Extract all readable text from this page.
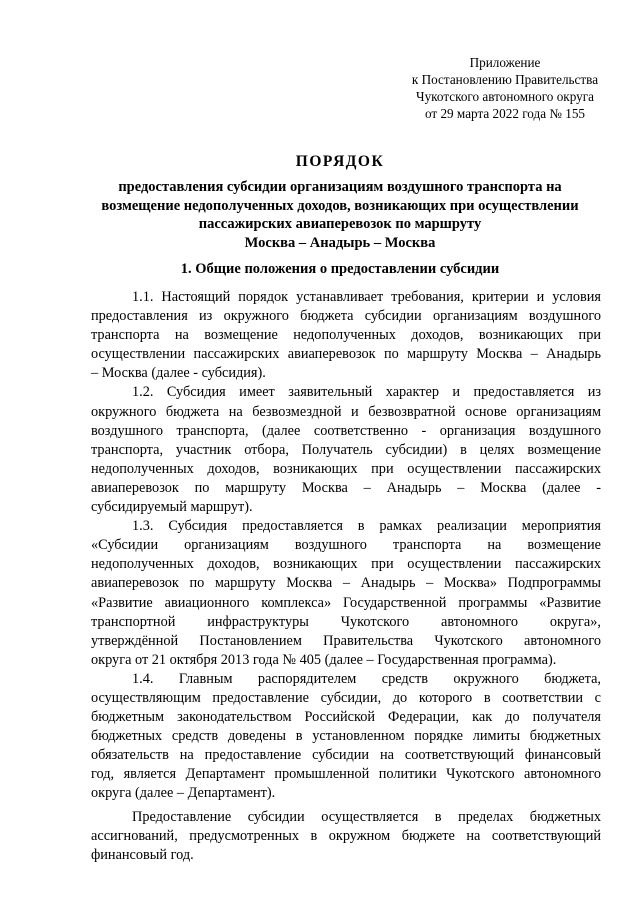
Приложение
к Постановлению Правительства
Чукотского автономного округа
от 29 марта 2022 года № 155
ПОРЯДОК
предоставления субсидии организациям воздушного транспорта на
возмещение недополученных доходов, возникающих при осуществлении
пассажирских авиаперевозок по маршруту
Москва – Анадырь – Москва
1. Общие положения о предоставлении субсидии
1.1. Настоящий порядок устанавливает требования, критерии и условия
предоставления из окружного бюджета субсидии организациям воздушного
транспорта на возмещение недополученных доходов, возникающих при
осуществлении пассажирских авиаперевозок по маршруту Москва – Анадырь
– Москва (далее - субсидия).
1.2. Субсидия имеет заявительный характер и предоставляется из
окружного бюджета на безвозмездной и безвозвратной основе организациям
воздушного транспорта, (далее соответственно - организация воздушного
транспорта, участник отбора, Получатель субсидии) в целях возмещение
недополученных доходов, возникающих при осуществлении пассажирских
авиаперевозок по маршруту Москва – Анадырь – Москва (далее -
субсидируемый маршрут).
1.3. Субсидия предоставляется в рамках реализации мероприятия
«Субсидии организациям воздушного транспорта на возмещение
недополученных доходов, возникающих при осуществлении пассажирских
авиаперевозок по маршруту Москва – Анадырь – Москва» Подпрограммы
«Развитие авиационного комплекса» Государственной программы «Развитие
транспортной инфраструктуры Чукотского автономного округа»,
утверждённой Постановлением Правительства Чукотского автономного
округа от 21 октября 2013 года № 405 (далее – Государственная программа).
1.4. Главным распорядителем средств окружного бюджета,
осуществляющим предоставление субсидии, до которого в соответствии с
бюджетным законодательством Российской Федерации, как до получателя
бюджетных средств доведены в установленном порядке лимиты бюджетных
обязательств на предоставление субсидии на соответствующий финансовый
год, является Департамент промышленной политики Чукотского автономного
округа (далее – Департамент).
Предоставление субсидии осуществляется в пределах бюджетных
ассигнований, предусмотренных в окружном бюджете на соответствующий
финансовый год.
